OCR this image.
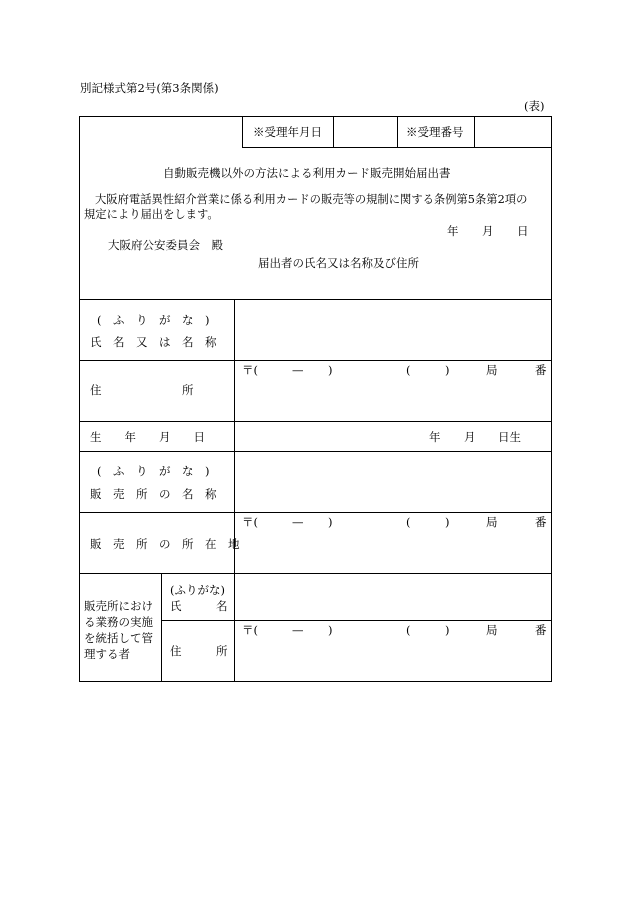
別記様式第2号(第3条関係)
(表)
※受理年月日	※受理番号
自動販売機以外の方法による利用カード販売開始届出書
大阪府電話異性紹介営業に係る利用カードの販売等の規制に関する条例第5条第2項の
規定により届出をします。
年 月 日
大阪府公安委員会　殿
届出者の氏名又は名称及び住所
(　ふ　り　が　な　)
氏　名　又　は　名　称
住　　　　　　　所
〒(	— )	(	)	局	番
生　　年　　月　　日	年 月 日生
(　ふ　り　が　な　)
販　売　所　の　名　称
販　売　所　の　所　在　地
〒(	— )	(	)	局	番
販売所におけ
る業務の実施
を統括して管
理する者
(ふりがな)
氏　　　名
住　　　所
〒(	— )	(	)	局	番
